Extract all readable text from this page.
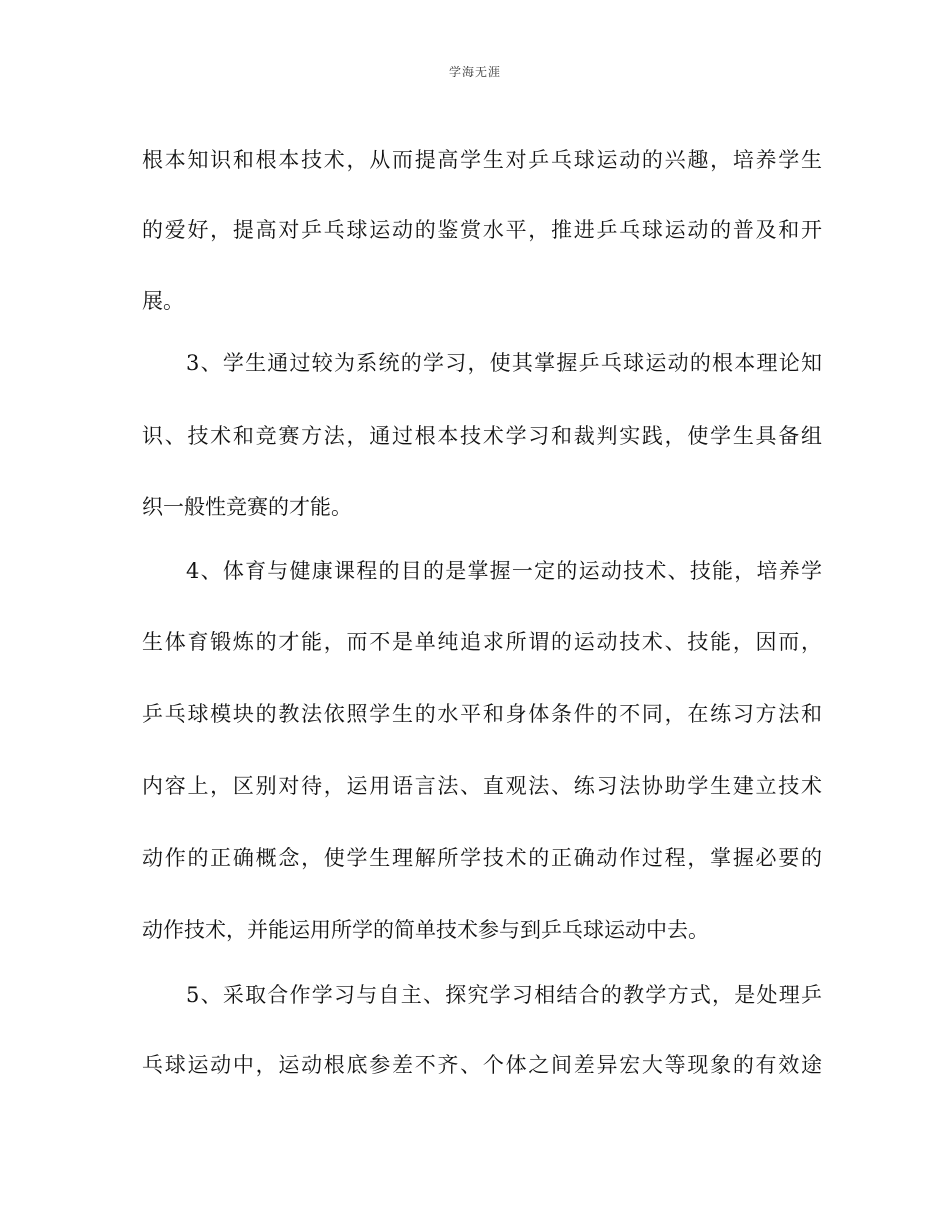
学海无涯
根本知识和根本技术，从而提高学生对乒乓球运动的兴趣，培养学生
的爱好，提高对乒乓球运动的鉴赏水平，推进乒乓球运动的普及和开
展。
3、学生通过较为系统的学习，使其掌握乒乓球运动的根本理论知
识、技术和竞赛方法，通过根本技术学习和裁判实践，使学生具备组
织一般性竞赛的才能。
4、体育与健康课程的目的是掌握一定的运动技术、技能，培养学
生体育锻炼的才能，而不是单纯追求所谓的运动技术、技能，因而，
乒乓球模块的教法依照学生的水平和身体条件的不同，在练习方法和
内容上，区别对待，运用语言法、直观法、练习法协助学生建立技术
动作的正确概念，使学生理解所学技术的正确动作过程，掌握必要的
动作技术，并能运用所学的简单技术参与到乒乓球运动中去。
5、采取合作学习与自主、探究学习相结合的教学方式，是处理乒
乓球运动中，运动根底参差不齐、个体之间差异宏大等现象的有效途
